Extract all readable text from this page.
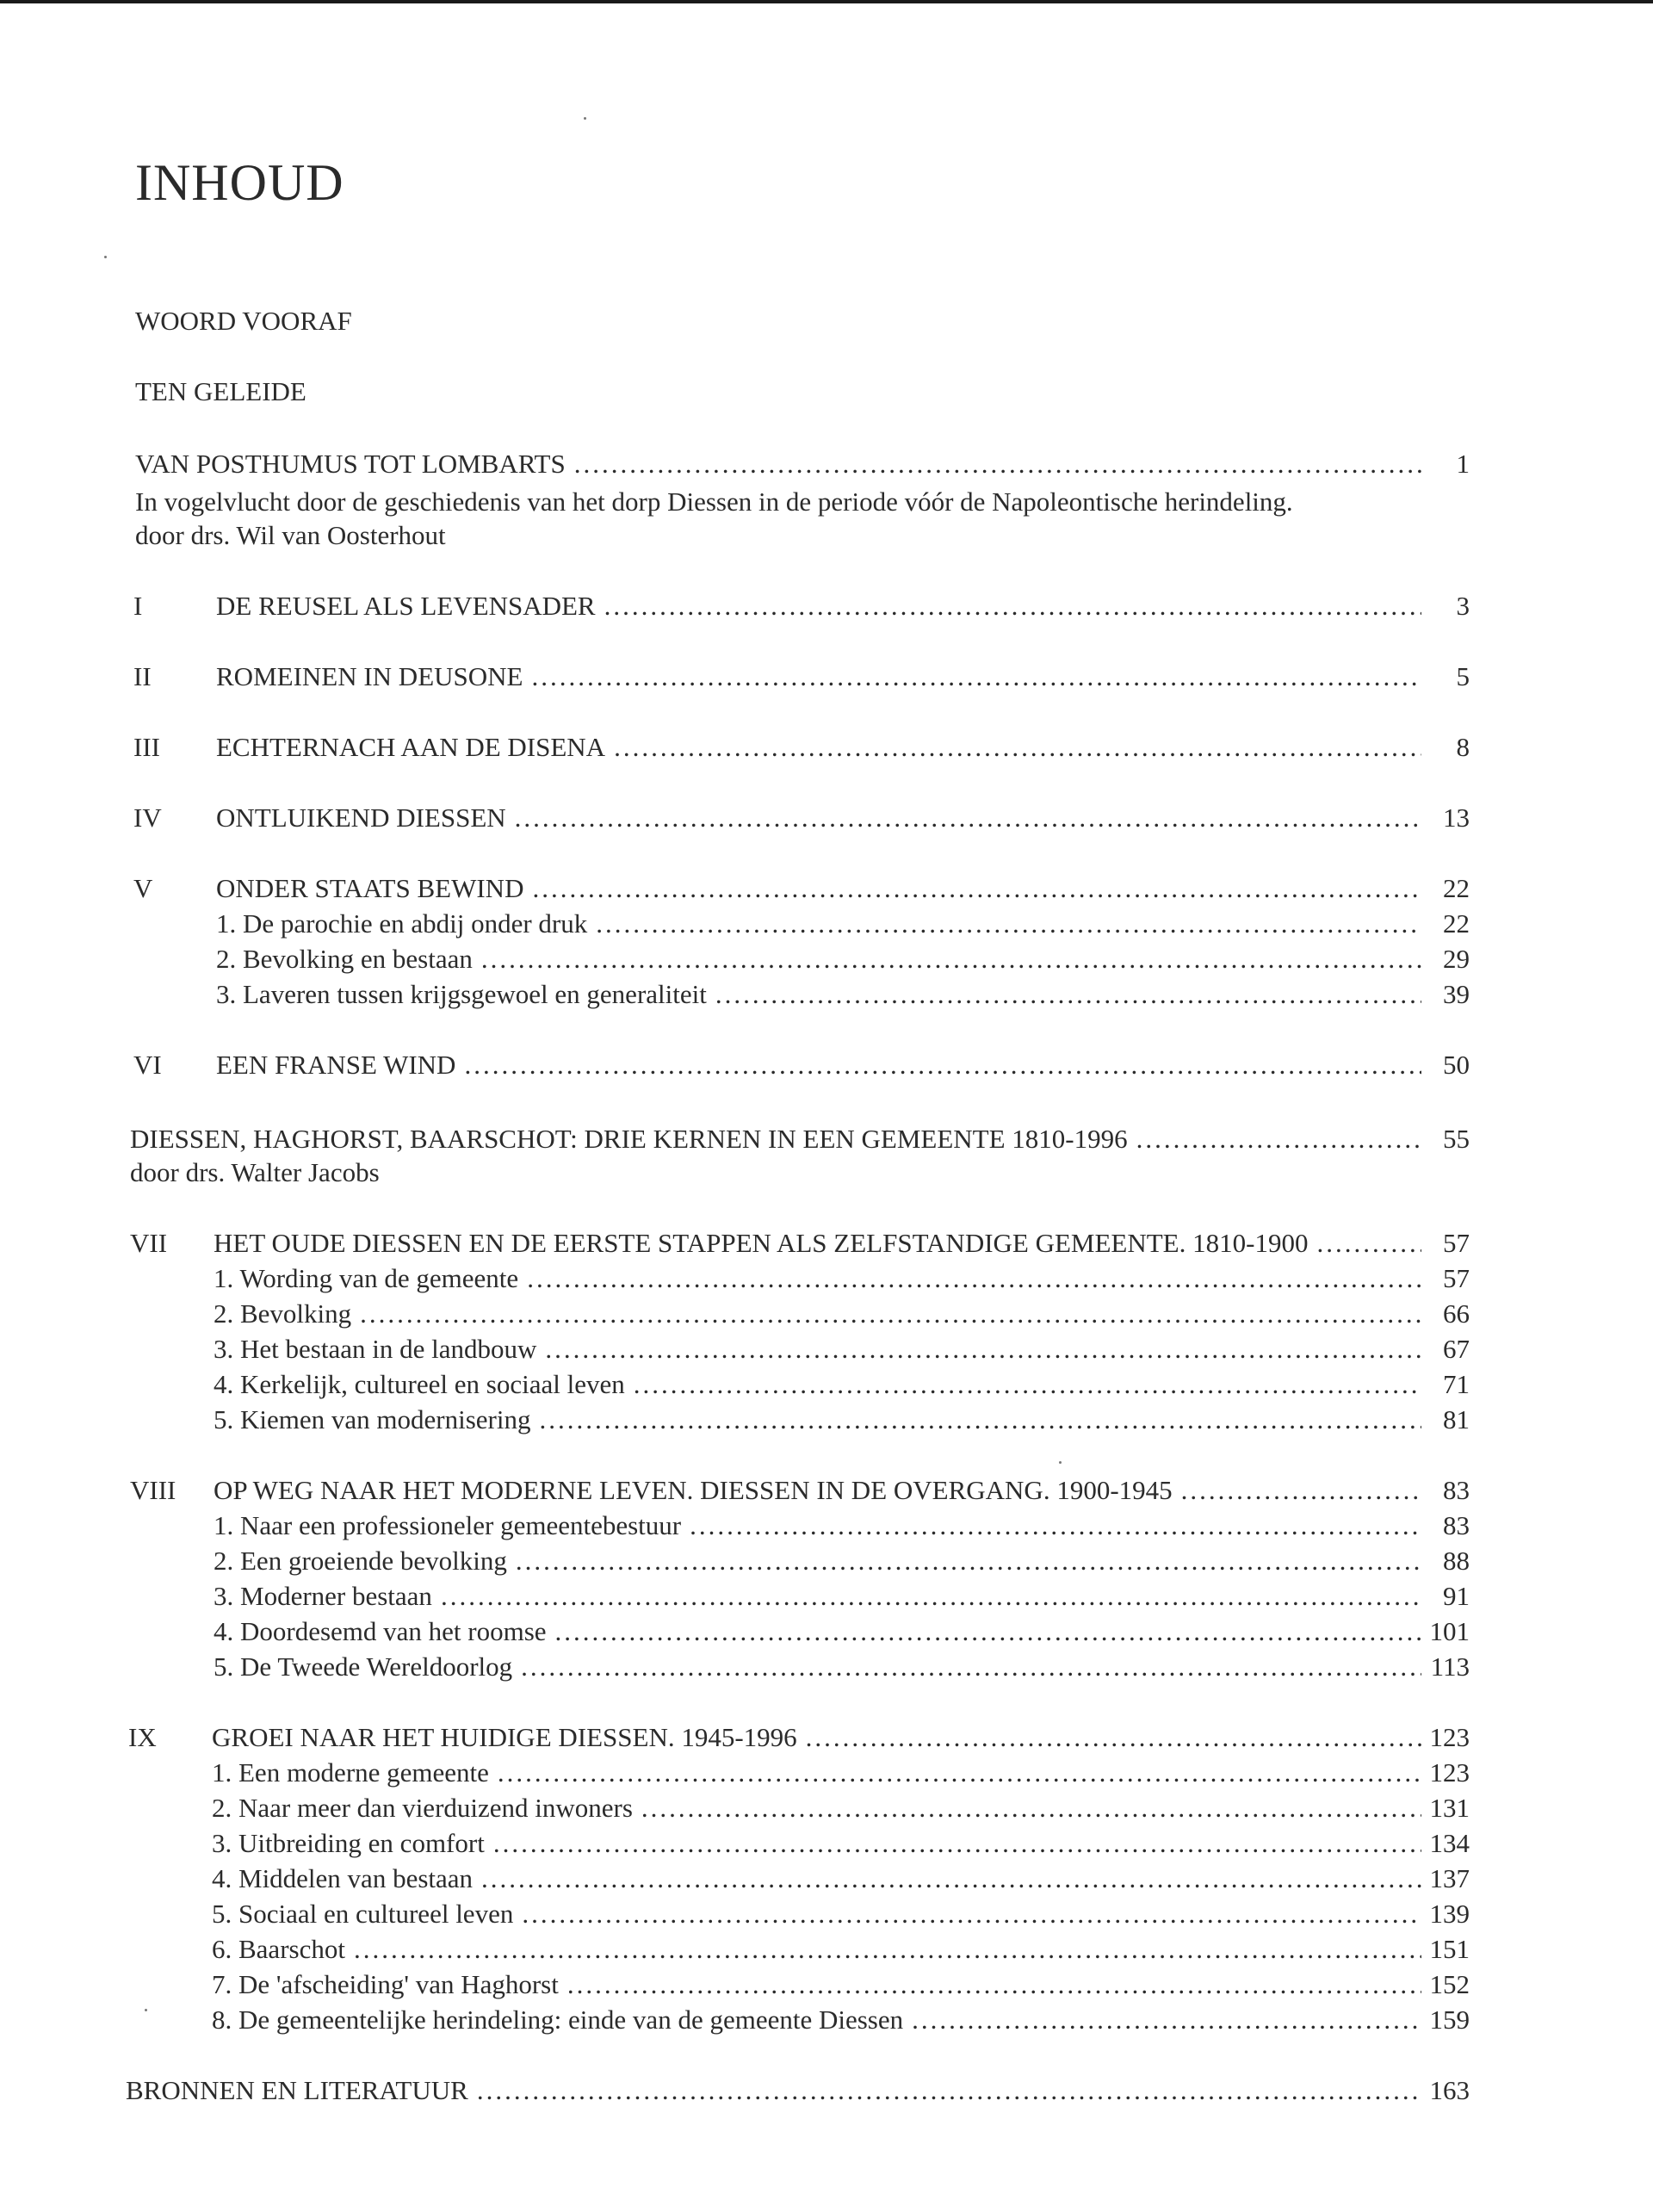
INHOUD
WOORD VOORAF
TEN GELEIDE
VAN POSTHUMUS TOT LOMBARTS .....	1
In vogelvlucht door de geschiedenis van het dorp Diessen in de periode vóór de Napoleontische herindeling.
door drs. Wil van Oosterhout
I	DE REUSEL ALS LEVENSADER .....	3
II ROMEINEN IN DEUSONE .....	5
III ECHTERNACH AAN DE DISENA .....	8
IV ONTLUIKEND DIESSEN .....	13
V ONDER STAATS BEWIND .....	22
1. De parochie en abdij onder druk .....	22
2. Bevolking en bestaan .....	29
3. Laveren tussen krijgsgewoel en generaliteit .....	39
VI EEN FRANSE WIND .....	50
DIESSEN, HAGHORST, BAARSCHOT: DRIE KERNEN IN EEN GEMEENTE 1810-1996 .....	55
door drs. Walter Jacobs
VII HET OUDE DIESSEN EN DE EERSTE STAPPEN ALS ZELFSTANDIGE GEMEENTE. 1810-1900 .....	57
1. Wording van de gemeente .....	57
2. Bevolking .....	66
3. Het bestaan in de landbouw .....	67
4. Kerkelijk, cultureel en sociaal leven .....	71
5. Kiemen van modernisering .....	81
VIII OP WEG NAAR HET MODERNE LEVEN. DIESSEN IN DE OVERGANG. 1900-1945 .....	83
1. Naar een professioneler gemeentebestuur .....	83
2. Een groeiende bevolking .....	88
3. Moderner bestaan .....	91
4. Doordesemd van het roomse .....	101
5. De Tweede Wereldoorlog .....	113
IX GROEI NAAR HET HUIDIGE DIESSEN. 1945-1996 .....	123
1. Een moderne gemeente .....	123
2. Naar meer dan vierduizend inwoners .....	131
3. Uitbreiding en comfort .....	134
4. Middelen van bestaan .....	137
5. Sociaal en cultureel leven .....	139
6. Baarschot .....	151
7. De 'afscheiding' van Haghorst .....	152
8. De gemeentelijke herindeling: einde van de gemeente Diessen .....	159
BRONNEN EN LITERATUUR .....	163
